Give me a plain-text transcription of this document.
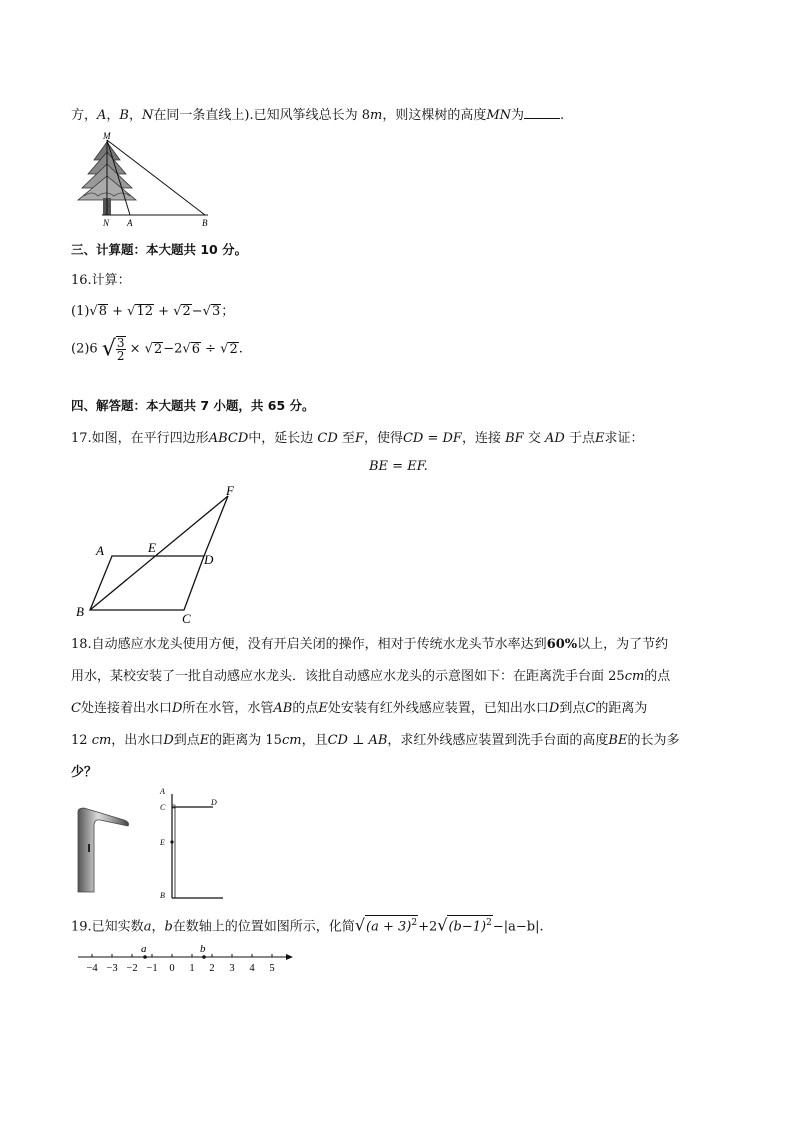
方，A，B，N在同一条直线上).已知风筝线总长为 8m，则这棵树的高度MN为	.
M
N A	B
三、计算题：本大题共 10 分。
16.计算：
(1)√8 + √12 + √2−√3；
(2)6 √ $\frac{3}{2} \times √2-2√6 \div √2$.
四、解答题：本大题共 7 小题，共 65 分。
17.如图，在平行四边形ABCD中，延长边 CD 至F，使得CD = DF，连接 BF 交 AD 于点E求证：
BE = EF.
A	E
D
F
B	C
18.自动感应水龙头使用方便，没有开启关闭的操作，相对于传统水龙头节水率达到60%以上，为了节约
用水，某校安装了一批自动感应水龙头．该批自动感应水龙头的示意图如下：在距离洗手台面 25cm的点
C处连接着出水口D所在水管，水管AB的点E处安装有红外线感应装置，已知出水口D到点C的距离为
12 cm，出水口D到点E的距离为 15cm，且CD ⊥ AB，求红外线感应装置到洗手台面的高度BE的长为多
少？
A
C
D
E
B
19.已知实数a，b在数轴上的位置如图所示，化简$√(a + 3)^2+2√(b-1)^2-|a-b|$.
−4 −3 −2 −1 0 1 2 3 4 5
a	b
